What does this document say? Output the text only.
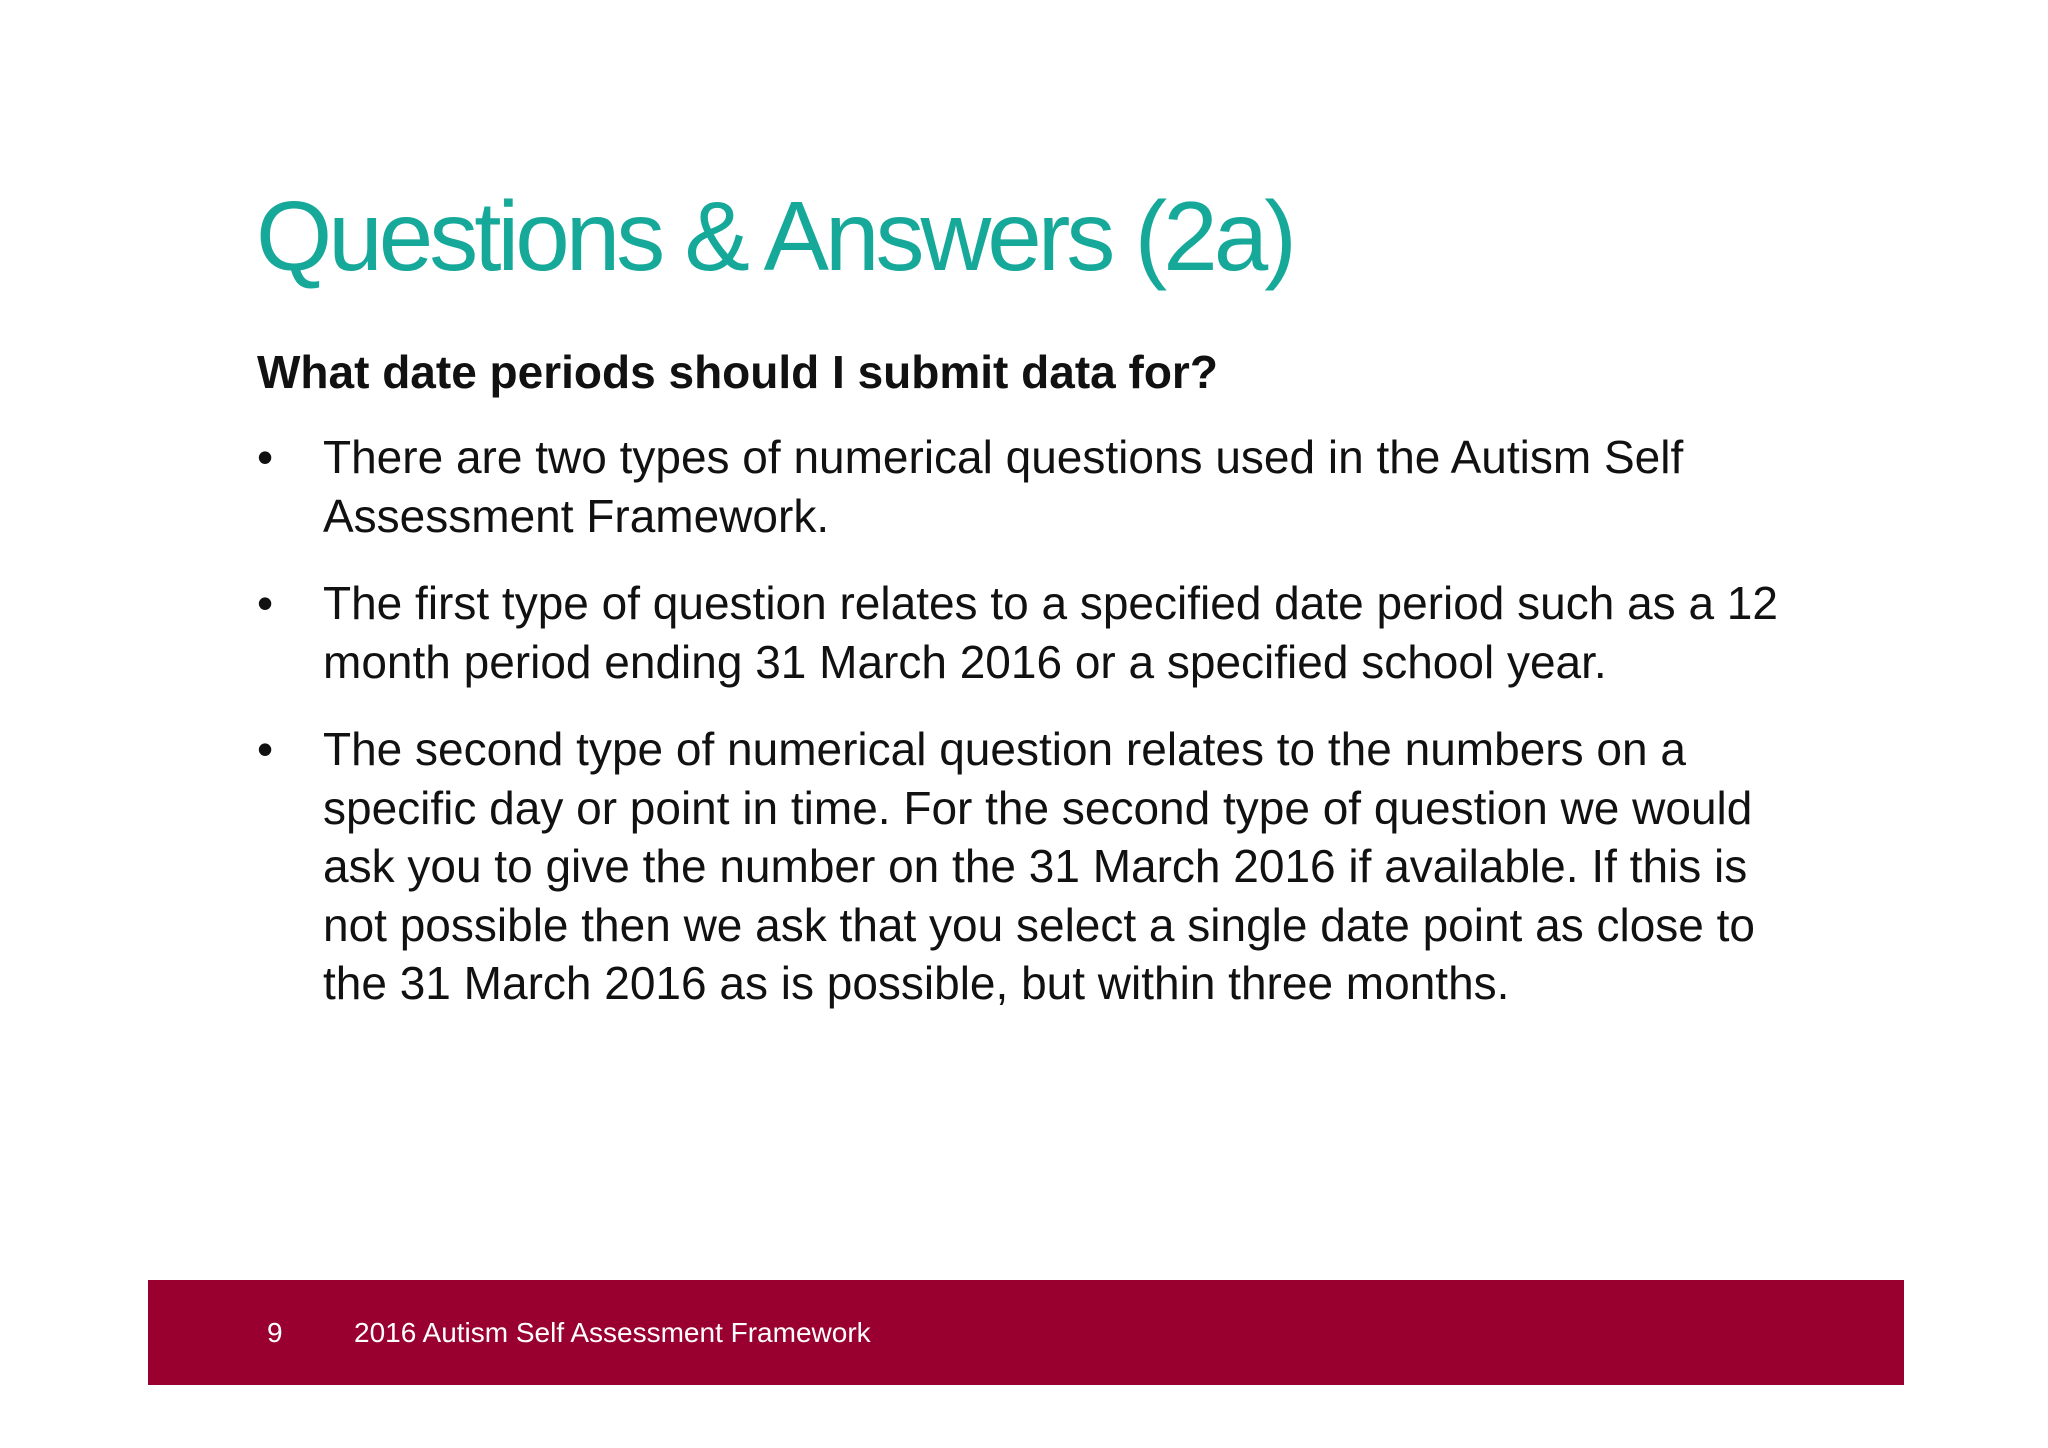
Questions & Answers (2a)

What date periods should I submit data for?

•	There are two types of numerical questions used in the Autism Self Assessment Framework.
•	The first type of question relates to a specified date period such as a 12 month period ending 31 March 2016 or a specified school year.
•	The second type of numerical question relates to the numbers on a specific day or point in time. For the second type of question we would ask you to give the number on the 31 March 2016 if available. If this is not possible then we ask that you select a single date point as close to the 31 March 2016 as is possible, but within three months.
9	2016 Autism Self Assessment Framework
